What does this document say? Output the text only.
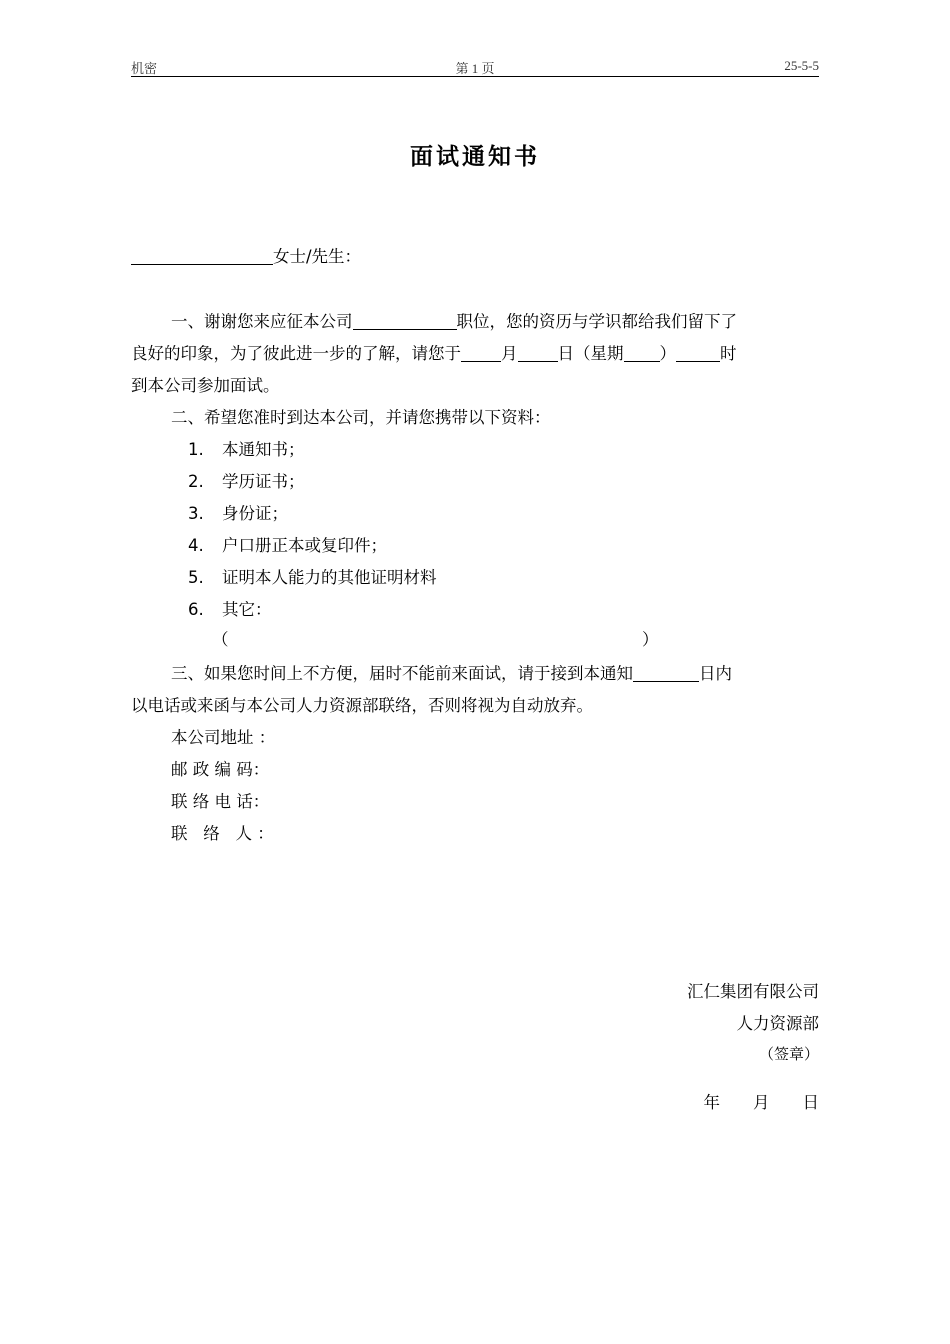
机密	第 1 页	25-5-5
面试通知书
女士/先生：
一、谢谢您来应征本公司	职位，您的资历与学识都给我们留下了
良好的印象，为了彼此进一步的了解，请您于 月 日（星期 ）	时
到本公司参加面试。
二、希望您准时到达本公司，并请您携带以下资料：
1. 本通知书；
2. 学历证书；
3. 身份证；
4. 户口册正本或复印件；
5. 证明本人能力的其他证明材料
6. 其它：
（	）
三、如果您时间上不方便，届时不能前来面试，请于接到本通知	日内
以电话或来函与本公司人力资源部联络，否则将视为自动放弃。
本公司地址 ：
邮 政 编 码：
联 络 电 话：
联   络   人 ：
汇仁集团有限公司
人力资源部
（签章）
年　　月　　日
